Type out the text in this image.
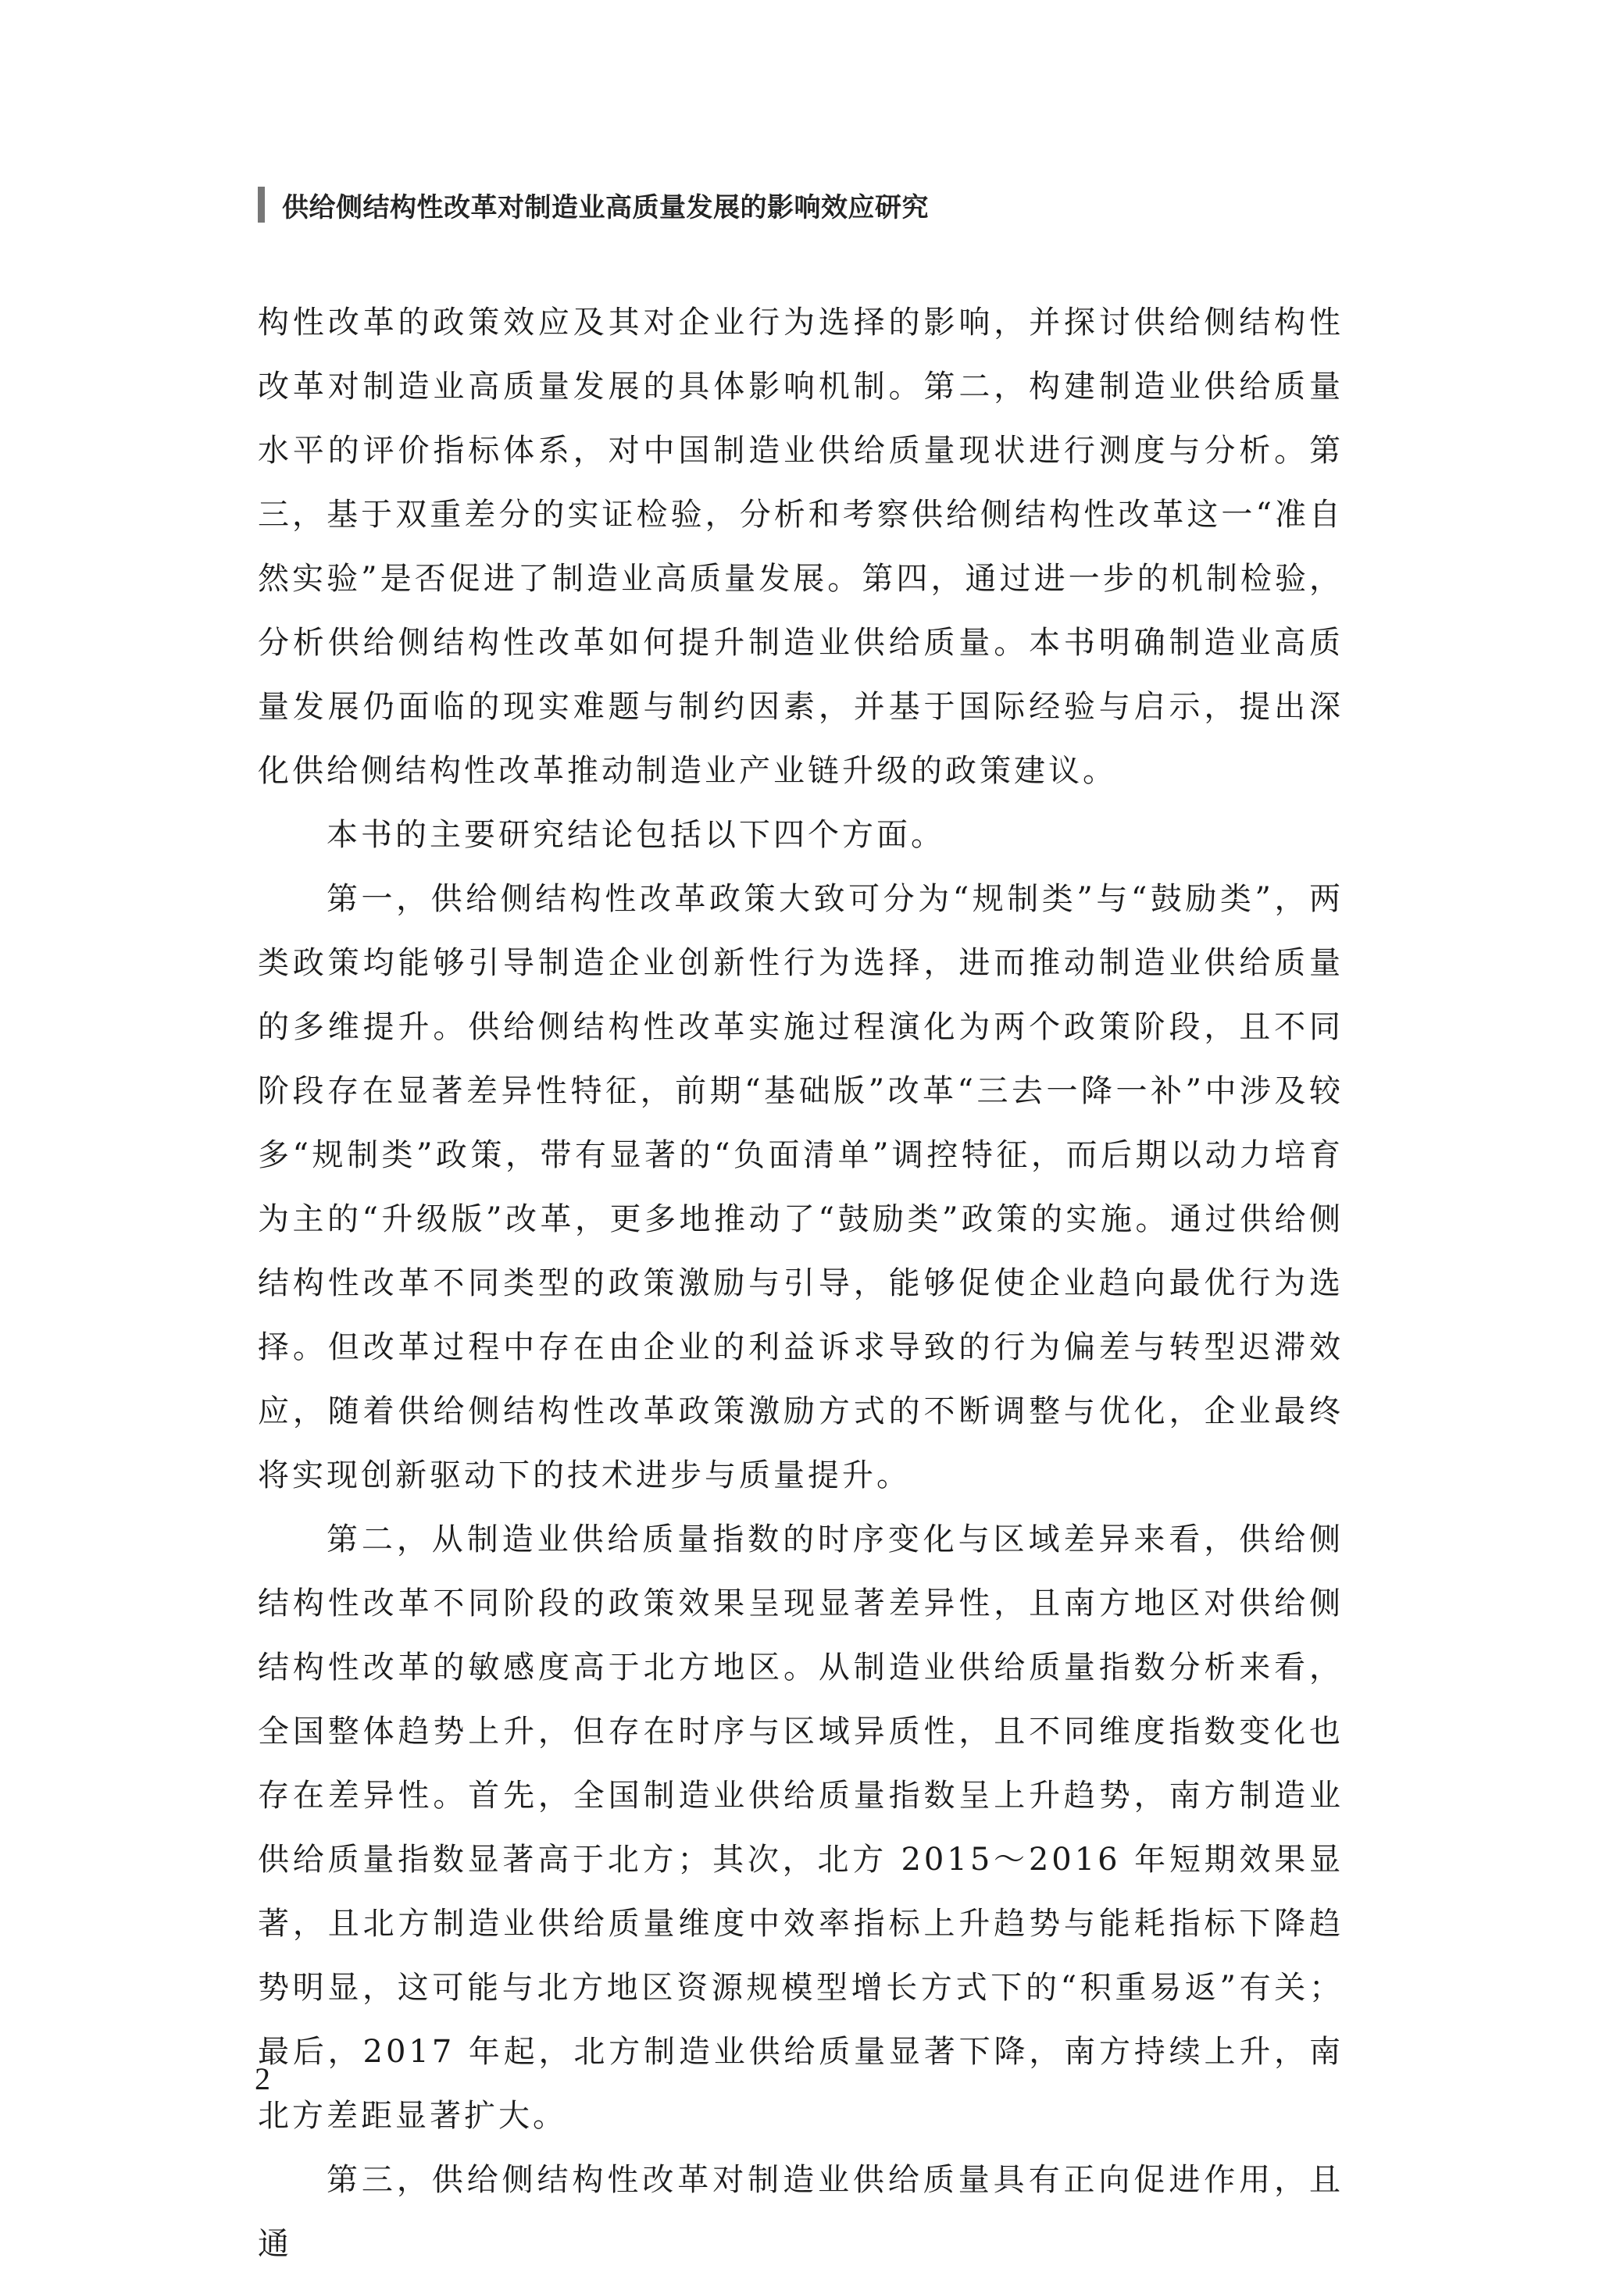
供给侧结构性改革对制造业高质量发展的影响效应研究

构性改革的政策效应及其对企业行为选择的影响，并探讨供给侧结构性改革对制造业高质量发展的具体影响机制。第二，构建制造业供给质量水平的评价指标体系，对中国制造业供给质量现状进行测度与分析。第三，基于双重差分的实证检验，分析和考察供给侧结构性改革这一“准自然实验”是否促进了制造业高质量发展。第四，通过进一步的机制检验，分析供给侧结构性改革如何提升制造业供给质量。本书明确制造业高质量发展仍面临的现实难题与制约因素，并基于国际经验与启示，提出深化供给侧结构性改革推动制造业产业链升级的政策建议。

本书的主要研究结论包括以下四个方面。

第一，供给侧结构性改革政策大致可分为“规制类”与“鼓励类”，两类政策均能够引导制造企业创新性行为选择，进而推动制造业供给质量的多维提升。供给侧结构性改革实施过程演化为两个政策阶段，且不同阶段存在显著差异性特征，前期“基础版”改革“三去一降一补”中涉及较多“规制类”政策，带有显著的“负面清单”调控特征，而后期以动力培育为主的“升级版”改革，更多地推动了“鼓励类”政策的实施。通过供给侧结构性改革不同类型的政策激励与引导，能够促使企业趋向最优行为选择。但改革过程中存在由企业的利益诉求导致的行为偏差与转型迟滞效应，随着供给侧结构性改革政策激励方式的不断调整与优化，企业最终将实现创新驱动下的技术进步与质量提升。

第二，从制造业供给质量指数的时序变化与区域差异来看，供给侧结构性改革不同阶段的政策效果呈现显著差异性，且南方地区对供给侧结构性改革的敏感度高于北方地区。从制造业供给质量指数分析来看，全国整体趋势上升，但存在时序与区域异质性，且不同维度指数变化也存在差异性。首先，全国制造业供给质量指数呈上升趋势，南方制造业供给质量指数显著高于北方；其次，北方 2015～2016 年短期效果显著，且北方制造业供给质量维度中效率指标上升趋势与能耗指标下降趋势明显，这可能与北方地区资源规模型增长方式下的“积重易返”有关；最后，2017 年起，北方制造业供给质量显著下降，南方持续上升，南北方差距显著扩大。

第三，供给侧结构性改革对制造业供给质量具有正向促进作用，且通

2
